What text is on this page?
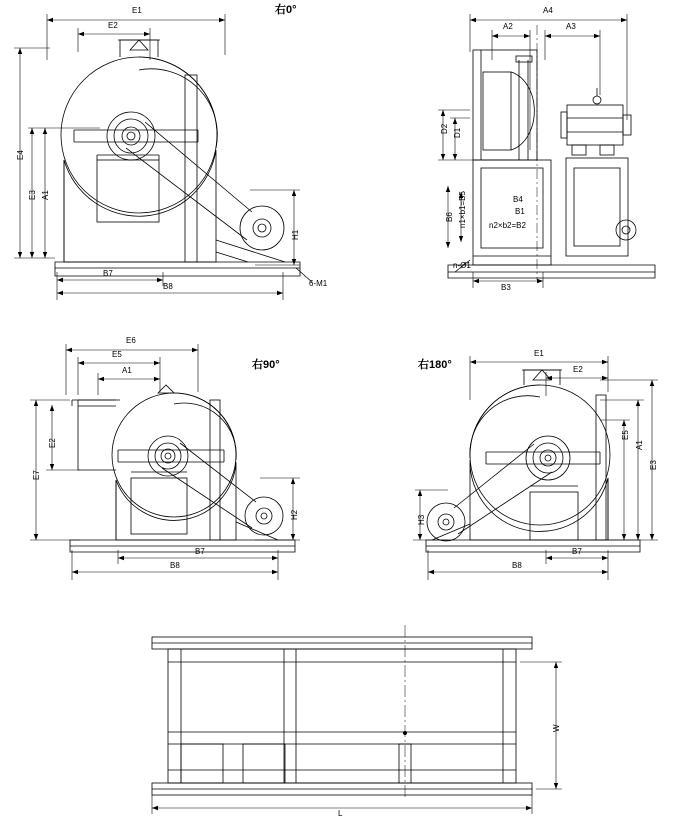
E1
E2
E4
E3 A1
H1
B7
B8	6-M1
右0°	A4
A2	A3
D2 D1
B6 n1×b1=B5	n2×b2=B2
B1
B4
n-Ø1
B3
E6
E5
A1
E7
E2
H2
B7
B8
右90°
E1
E2
E3
A1
E5
H3
B7
B8
右180°
W
L
